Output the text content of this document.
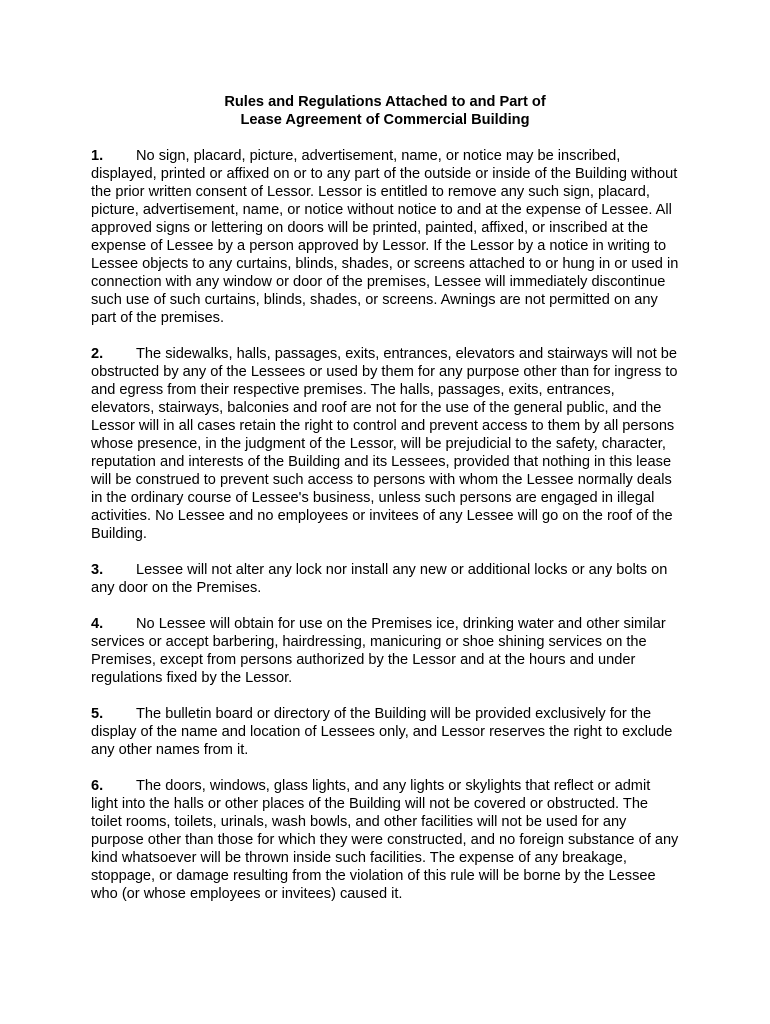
Rules and Regulations Attached to and Part of
Lease Agreement of Commercial Building

1. No sign, placard, picture, advertisement, name, or notice may be inscribed, displayed, printed or affixed on or to any part of the outside or inside of the Building without the prior written consent of Lessor. Lessor is entitled to remove any such sign, placard, picture, advertisement, name, or notice without notice to and at the expense of Lessee. All approved signs or lettering on doors will be printed, painted, affixed, or inscribed at the expense of Lessee by a person approved by Lessor. If the Lessor by a notice in writing to Lessee objects to any curtains, blinds, shades, or screens attached to or hung in or used in connection with any window or door of the premises, Lessee will immediately discontinue such use of such curtains, blinds, shades, or screens. Awnings are not permitted on any part of the premises.

2. The sidewalks, halls, passages, exits, entrances, elevators and stairways will not be obstructed by any of the Lessees or used by them for any purpose other than for ingress to and egress from their respective premises. The halls, passages, exits, entrances, elevators, stairways, balconies and roof are not for the use of the general public, and the Lessor will in all cases retain the right to control and prevent access to them by all persons whose presence, in the judgment of the Lessor, will be prejudicial to the safety, character, reputation and interests of the Building and its Lessees, provided that nothing in this lease will be construed to prevent such access to persons with whom the Lessee normally deals in the ordinary course of Lessee's business, unless such persons are engaged in illegal activities. No Lessee and no employees or invitees of any Lessee will go on the roof of the Building.

3. Lessee will not alter any lock nor install any new or additional locks or any bolts on any door on the Premises.

4. No Lessee will obtain for use on the Premises ice, drinking water and other similar services or accept barbering, hairdressing, manicuring or shoe shining services on the Premises, except from persons authorized by the Lessor and at the hours and under regulations fixed by the Lessor.

5. The bulletin board or directory of the Building will be provided exclusively for the display of the name and location of Lessees only, and Lessor reserves the right to exclude any other names from it.

6. The doors, windows, glass lights, and any lights or skylights that reflect or admit light into the halls or other places of the Building will not be covered or obstructed. The toilet rooms, toilets, urinals, wash bowls, and other facilities will not be used for any purpose other than those for which they were constructed, and no foreign substance of any kind whatsoever will be thrown inside such facilities. The expense of any breakage, stoppage, or damage resulting from the violation of this rule will be borne by the Lessee who (or whose employees or invitees) caused it.
